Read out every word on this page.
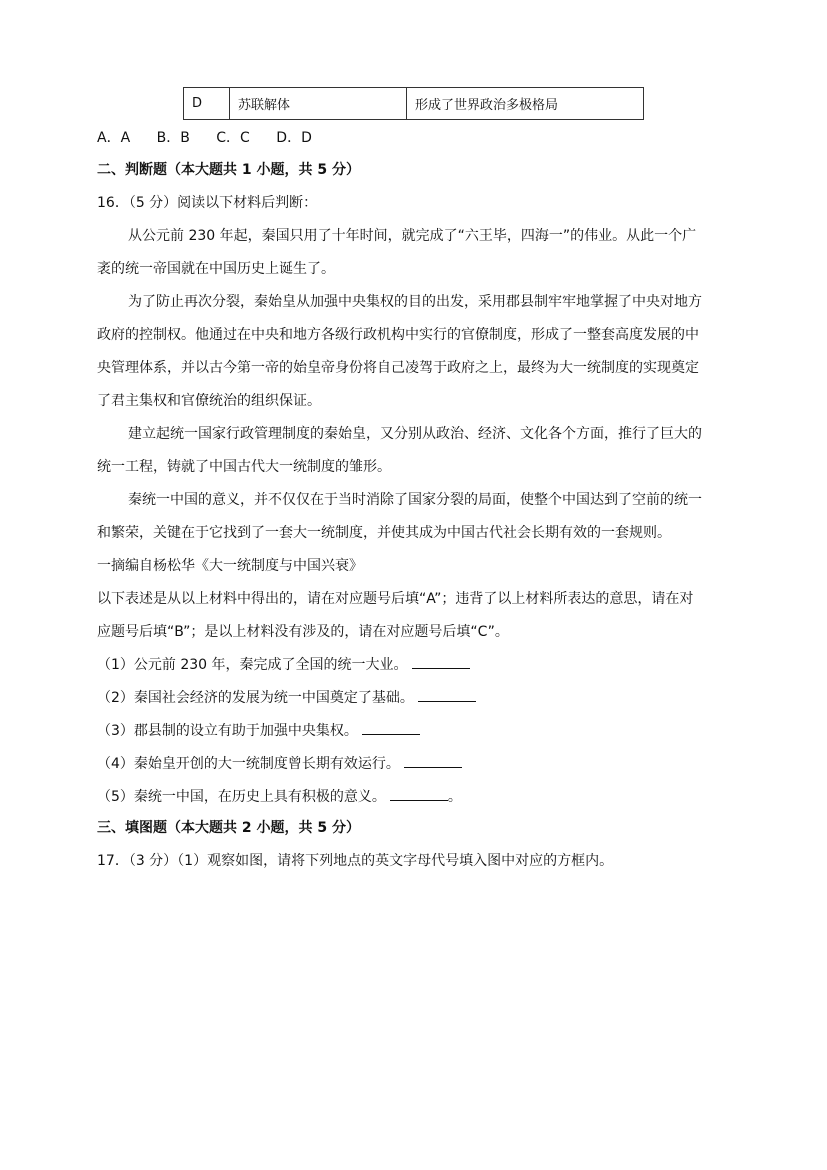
D	苏联解体	形成了世界政治多极格局
A．A B．B C．C D．D
二、判断题（本大题共 1 小题，共 5 分）
16．（5 分）阅读以下材料后判断：
从公元前 230 年起，秦国只用了十年时间，就完成了“六王毕，四海一”的伟业。从此一个广
袤的统一帝国就在中国历史上诞生了。
为了防止再次分裂，秦始皇从加强中央集权的目的出发，采用郡县制牢牢地掌握了中央对地方
政府的控制权。他通过在中央和地方各级行政机构中实行的官僚制度，形成了一整套高度发展的中
央管理体系，并以古今第一帝的始皇帝身份将自己凌驾于政府之上，最终为大一统制度的实现奠定
了君主集权和官僚统治的组织保证。
建立起统一国家行政管理制度的秦始皇，又分别从政治、经济、文化各个方面，推行了巨大的
统一工程，铸就了中国古代大一统制度的雏形。
秦统一中国的意义，并不仅仅在于当时消除了国家分裂的局面，使整个中国达到了空前的统一
和繁荣，关键在于它找到了一套大一统制度，并使其成为中国古代社会长期有效的一套规则。
一摘编自杨松华《大一统制度与中国兴衰》
以下表述是从以上材料中得出的，请在对应题号后填“A”；违背了以上材料所表达的意思，请在对
应题号后填“B”；是以上材料没有涉及的，请在对应题号后填“C”。
（1）公元前 230 年，秦完成了全国的统一大业。
（2）秦国社会经济的发展为统一中国奠定了基础。
（3）郡县制的设立有助于加强中央集权。
（4）秦始皇开创的大一统制度曾长期有效运行。
（5）秦统一中国，在历史上具有积极的意义。	。
三、填图题（本大题共 2 小题，共 5 分）
17．（3 分）（1）观察如图，请将下列地点的英文字母代号填入图中对应的方框内。
